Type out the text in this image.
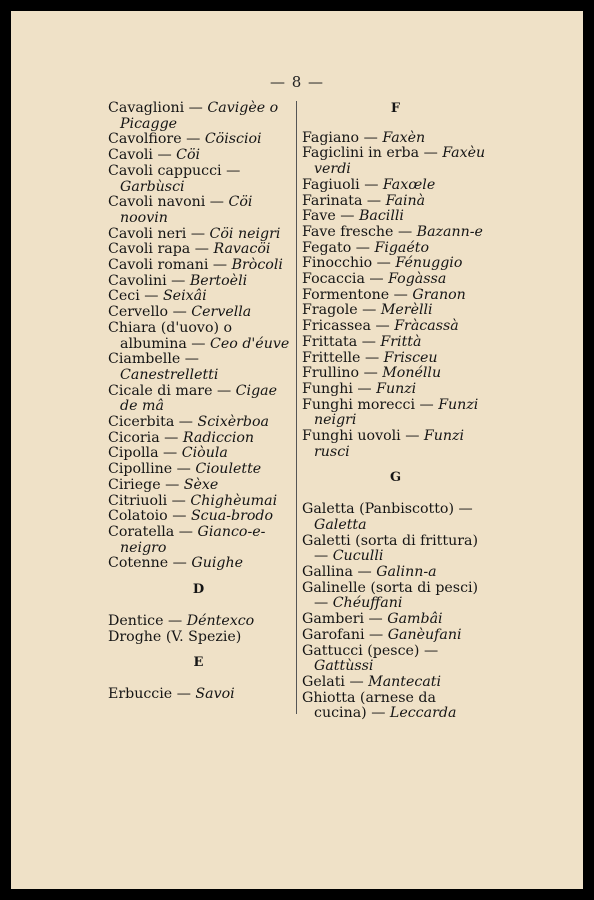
— 8 —
Cavaglioni — Cavigèe o Picagge
Cavolfiore — Cöiscioi
Cavoli — Cöi
Cavoli cappucci — Garbùsci
Cavoli navoni — Cöi noovin
Cavoli neri — Cöi neigri
Cavoli rapa — Ravacöi
Cavoli romani — Bròcoli
Cavolini — Bertoèli
Ceci — Seixâi
Cervello — Cervella
Chiara (d'uovo) o albumina — Ceo d'éuve
Ciambelle — Canestrelletti
Cicale di mare — Cigae de mâ
Cicerbita — Scixèrboa
Cicoria — Radiccion
Cipolla — Ciòula
Cipolline — Cioulette
Ciriege — Sèxe
Citriuoli — Chighèumai
Colatoio — Scua-brodo
Coratella — Gianco-e-neigro
Cotenne — Guighe
D
Dentice — Déntexco
Droghe (V. Spezie)
E
Erbuccie — Savoi
F
Fagiano — Faxèn
Fagiclini in erba — Faxèu verdi
Fagiuoli — Faxœle
Farinata — Fainà
Fave — Bacilli
Fave fresche — Bazann-e
Fegato — Figaéto
Finocchio — Fénuggio
Focaccia — Fogàssa
Formentone — Granon
Fragole — Merèlli
Fricassea — Fràcassà
Frittata — Frittà
Frittelle — Frisceu
Frullino — Monéllu
Funghi — Funzi
Funghi morecci — Funzi neigri
Funghi uovoli — Funzi rusci
G
Galetta (Panbiscotto) — Galetta
Galetti (sorta di frittura) — Cuculli
Gallina — Galinn-a
Galinelle (sorta di pesci) — Chéuffani
Gamberi — Gambâi
Garofani — Ganèufani
Gattucci (pesce) — Gattùssi
Gelati — Mantecati
Ghiotta (arnese da cucina) — Leccarda
